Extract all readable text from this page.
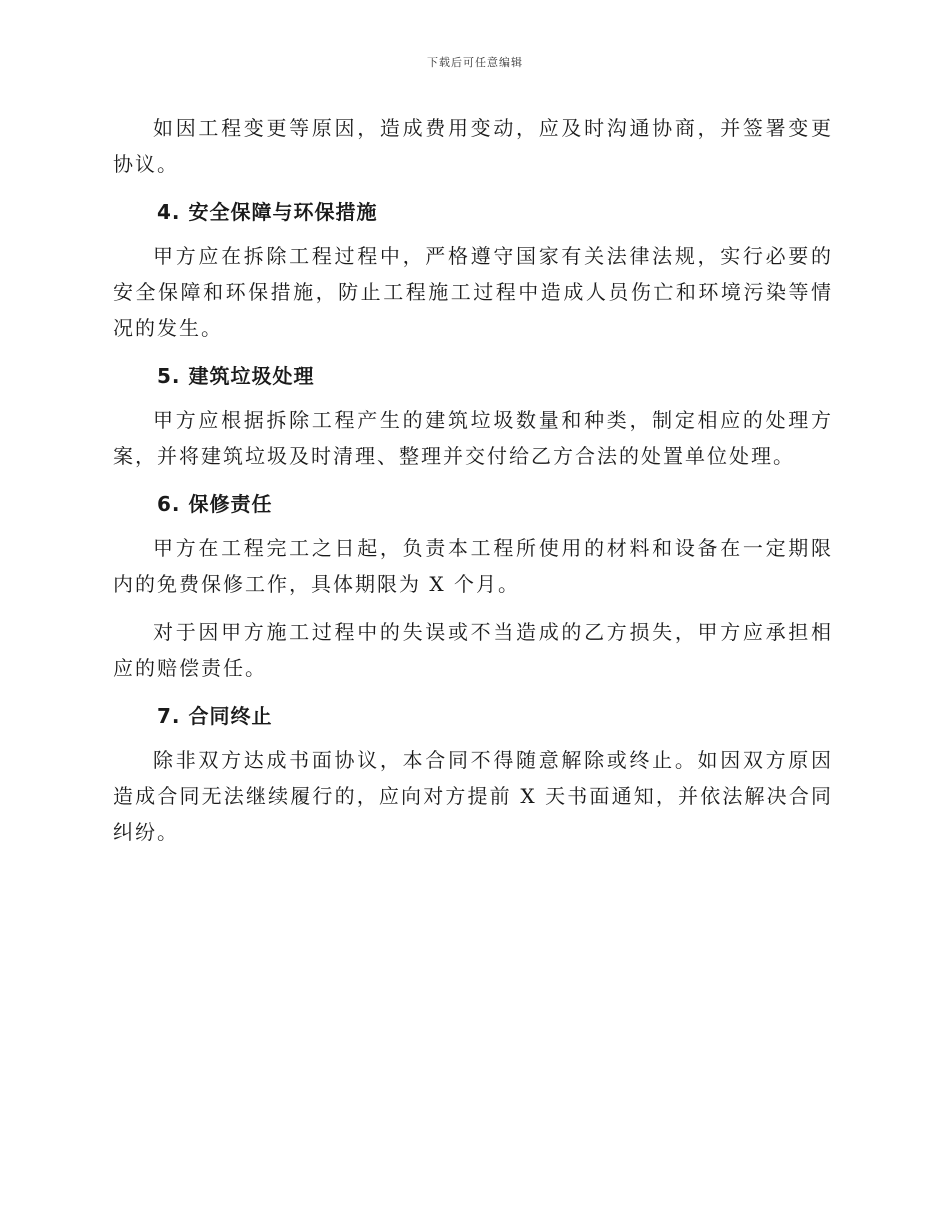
下载后可任意编辑

如因工程变更等原因，造成费用变动，应及时沟通协商，并签署变更协议。

4. 安全保障与环保措施

甲方应在拆除工程过程中，严格遵守国家有关法律法规，实行必要的安全保障和环保措施，防止工程施工过程中造成人员伤亡和环境污染等情况的发生。

5. 建筑垃圾处理

甲方应根据拆除工程产生的建筑垃圾数量和种类，制定相应的处理方案，并将建筑垃圾及时清理、整理并交付给乙方合法的处置单位处理。

6. 保修责任

甲方在工程完工之日起，负责本工程所使用的材料和设备在一定期限内的免费保修工作，具体期限为 X 个月。

对于因甲方施工过程中的失误或不当造成的乙方损失，甲方应承担相应的赔偿责任。

7. 合同终止

除非双方达成书面协议，本合同不得随意解除或终止。如因双方原因造成合同无法继续履行的，应向对方提前 X 天书面通知，并依法解决合同纠纷。
